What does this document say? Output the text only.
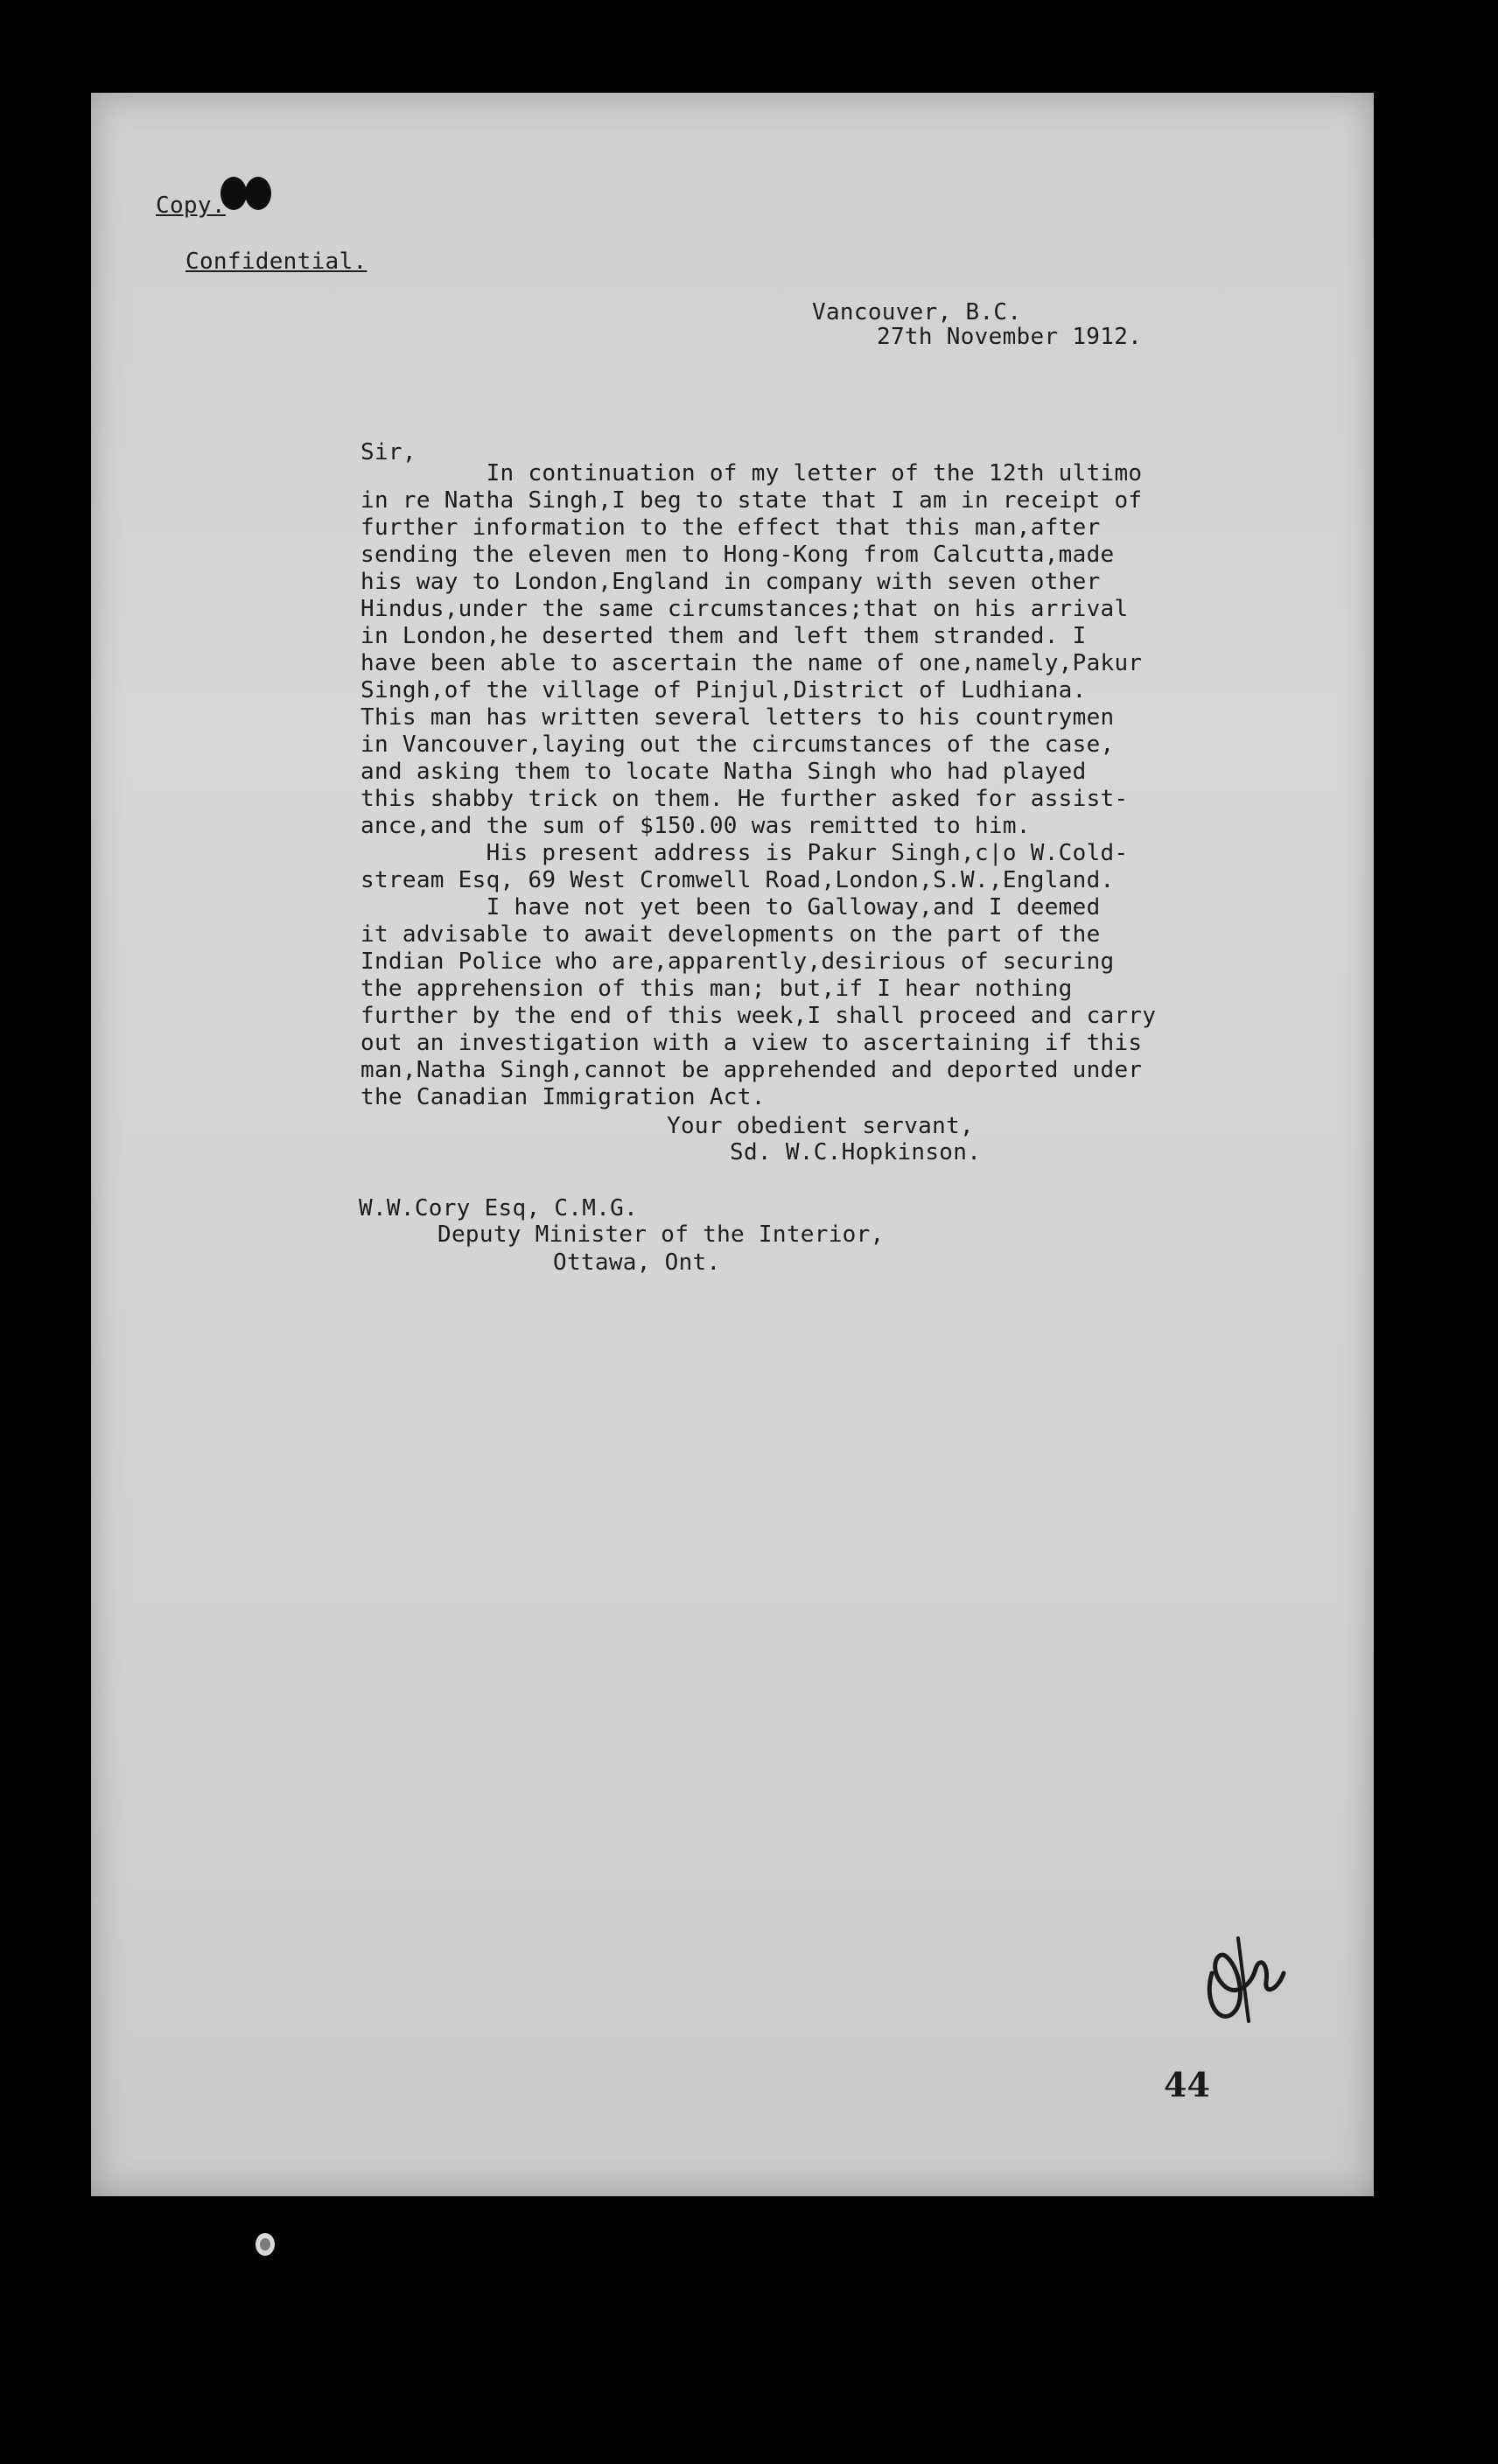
Copy.

Confidential.

Vancouver, B.C.

27th November 1912.

Sir,

In continuation of my letter of the 12th ultimo

in re Natha Singh,I beg to state that I am in receipt of

further information to the effect that this man,after

sending the eleven men to Hong-Kong from Calcutta,made

his way to London,England in company with seven other

Hindus,under the same circumstances;that on his arrival

in London,he deserted them and left them stranded. I

have been able to ascertain the name of one,namely,Pakur

Singh,of the village of Pinjul,District of Ludhiana.

This man has written several letters to his countrymen

in Vancouver,laying out the circumstances of the case,

and asking them to locate Natha Singh who had played

this shabby trick on them. He further asked for assist-

ance,and the sum of $150.00 was remitted to him.

His present address is Pakur Singh,c|o W.Cold-

stream Esq, 69 West Cromwell Road,London,S.W.,England.

I have not yet been to Galloway,and I deemed

it advisable to await developments on the part of the

Indian Police who are,apparently,desirious of securing

the apprehension of this man; but,if I hear nothing

further by the end of this week,I shall proceed and carry

out an investigation with a view to ascertaining if this

man,Natha Singh,cannot be apprehended and deported under

the Canadian Immigration Act.

Your obedient servant,

Sd. W.C.Hopkinson.

W.W.Cory Esq, C.M.G.

Deputy Minister of the Interior,

Ottawa, Ont.

44
